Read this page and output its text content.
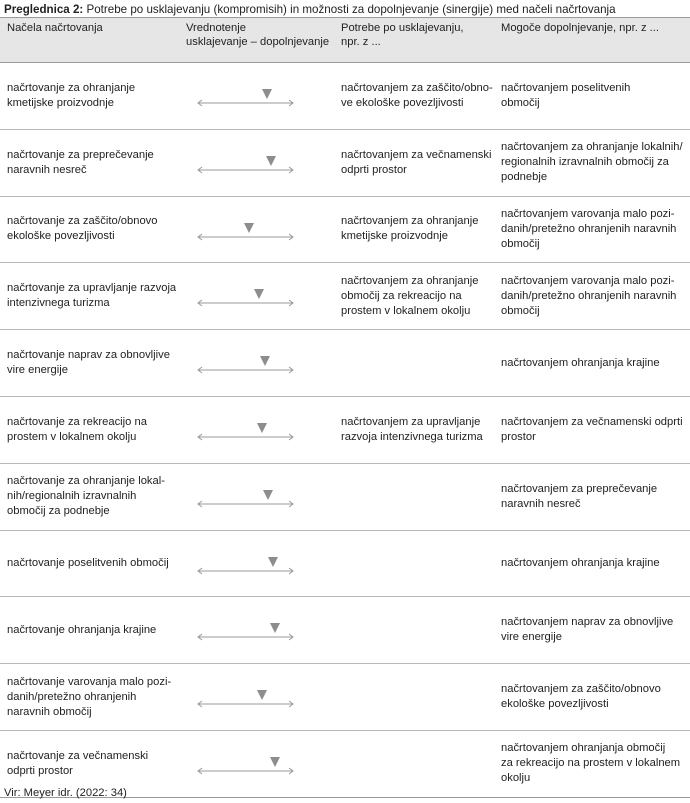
Preglednica 2: Potrebe po usklajevanju (kompromisih) in možnosti za dopolnjevanje (sinergije) med načeli načrtovanja
Načela načrtovanja	Vrednotenje
usklajevanje – dopolnjevanje
Potrebe po usklajevanju,
npr. z ...
Mogoče dopolnjevanje, npr. z ...
načrtovanje za ohranjanje
kmetijske proizvodnje
načrtovanjem za zaščito/obno-
ve ekološke povezljivosti
načrtovanjem poselitvenih
območij
načrtovanje za preprečevanje
naravnih nesreč
načrtovanjem za večnamenski
odprti prostor
načrtovanjem za ohranjanje lokalnih/
regionalnih izravnalnih območij za
podnebje
načrtovanje za zaščito/obnovo
ekološke povezljivosti
načrtovanjem za ohranjanje
kmetijske proizvodnje
načrtovanjem varovanja malo pozi-
danih/pretežno ohranjenih naravnih
območij
načrtovanje za upravljanje razvoja
intenzivnega turizma
načrtovanjem za ohranjanje
območij za rekreacijo na
prostem v lokalnem okolju
načrtovanjem varovanja malo pozi-
danih/pretežno ohranjenih naravnih
območij
načrtovanje naprav za obnovljive
vire energije
načrtovanjem ohranjanja krajine
načrtovanje za rekreacijo na
prostem v lokalnem okolju
načrtovanjem za upravljanje
razvoja intenzivnega turizma
načrtovanjem za večnamenski odprti
prostor
načrtovanje za ohranjanje lokal-
nih/regionalnih izravnalnih
območij za podnebje
načrtovanjem za preprečevanje
naravnih nesreč
načrtovanje poselitvenih območij	načrtovanjem ohranjanja krajine
načrtovanje ohranjanja krajine
načrtovanjem naprav za obnovljive
vire energije
načrtovanje varovanja malo pozi-
danih/pretežno ohranjenih
naravnih območij
načrtovanjem za zaščito/obnovo
ekološke povezljivosti
načrtovanje za večnamenski
odprti prostor
načrtovanjem ohranjanja območij
za rekreacijo na prostem v lokalnem
okolju
Vir: Meyer idr. (2022: 34)
